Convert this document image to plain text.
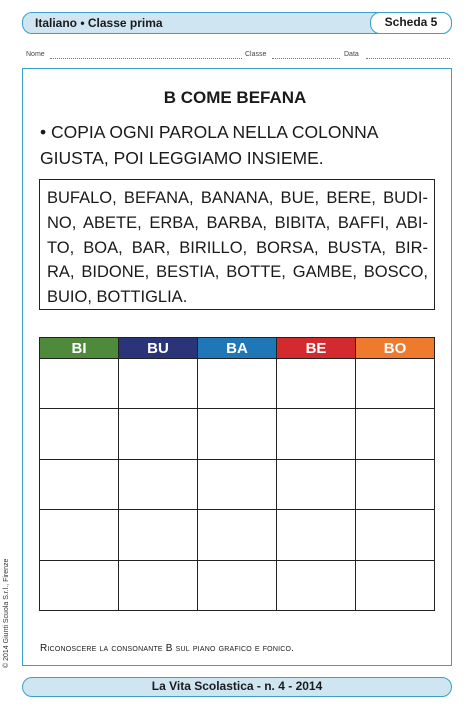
Italiano • Classe prima	Scheda 5
Nome	Classe	Data
B COME BEFANA
• COPIA OGNI PAROLA NELLA COLONNA GIUSTA, POI LEGGIAMO INSIEME.
BUFALO, BEFANA, BANANA, BUE, BERE, BUDI-NO, ABETE, ERBA, BARBA, BIBITA, BAFFI, ABI-TO, BOA, BAR, BIRILLO, BORSA, BUSTA, BIR-RA, BIDONE, BESTIA, BOTTE, GAMBE, BOSCO, BUIO, BOTTIGLIA.
BI	BU	BA	BE	BO

Riconoscere la consonante B sul piano grafico e fonico.
© 2014 Giunti Scuola S.r.l., Firenze
La Vita Scolastica - n. 4 - 2014
